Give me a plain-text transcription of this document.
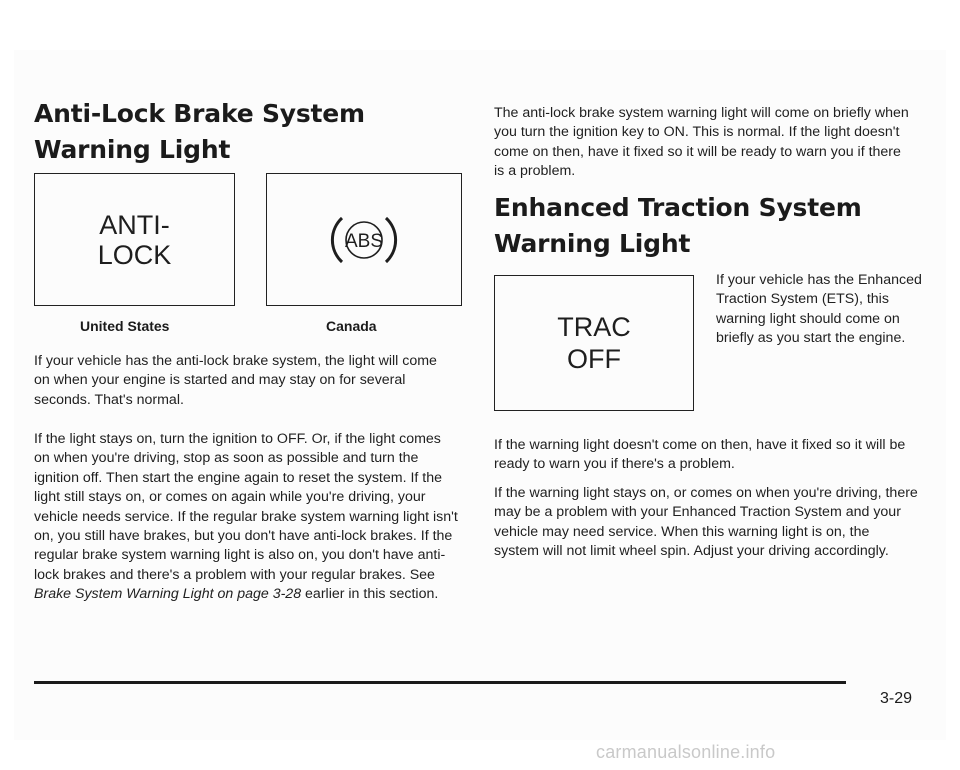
Anti-Lock Brake System Warning Light
ANTI-
LOCK	ABS
United States	Canada

If your vehicle has the anti-lock brake system, the light will come on when your engine is started and may stay on for several seconds. That's normal.

If the light stays on, turn the ignition to OFF. Or, if the light comes on when you're driving, stop as soon as possible and turn the ignition off. Then start the engine again to reset the system. If the light still stays on, or comes on again while you're driving, your vehicle needs service. If the regular brake system warning light isn't on, you still have brakes, but you don't have anti-lock brakes. If the regular brake system warning light is also on, you don't have anti-lock brakes and there's a problem with your regular brakes. See Brake System Warning Light on page 3-28 earlier in this section.

The anti-lock brake system warning light will come on briefly when you turn the ignition key to ON. This is normal. If the light doesn't come on then, have it fixed so it will be ready to warn you if there is a problem.

Enhanced Traction System Warning Light
TRAC
OFF

If your vehicle has the Enhanced Traction System (ETS), this warning light should come on briefly as you start the engine.

If the warning light doesn't come on then, have it fixed so it will be ready to warn you if there's a problem.

If the warning light stays on, or comes on when you're driving, there may be a problem with your Enhanced Traction System and your vehicle may need service. When this warning light is on, the system will not limit wheel spin. Adjust your driving accordingly.

3-29
carmanualsonline.info
